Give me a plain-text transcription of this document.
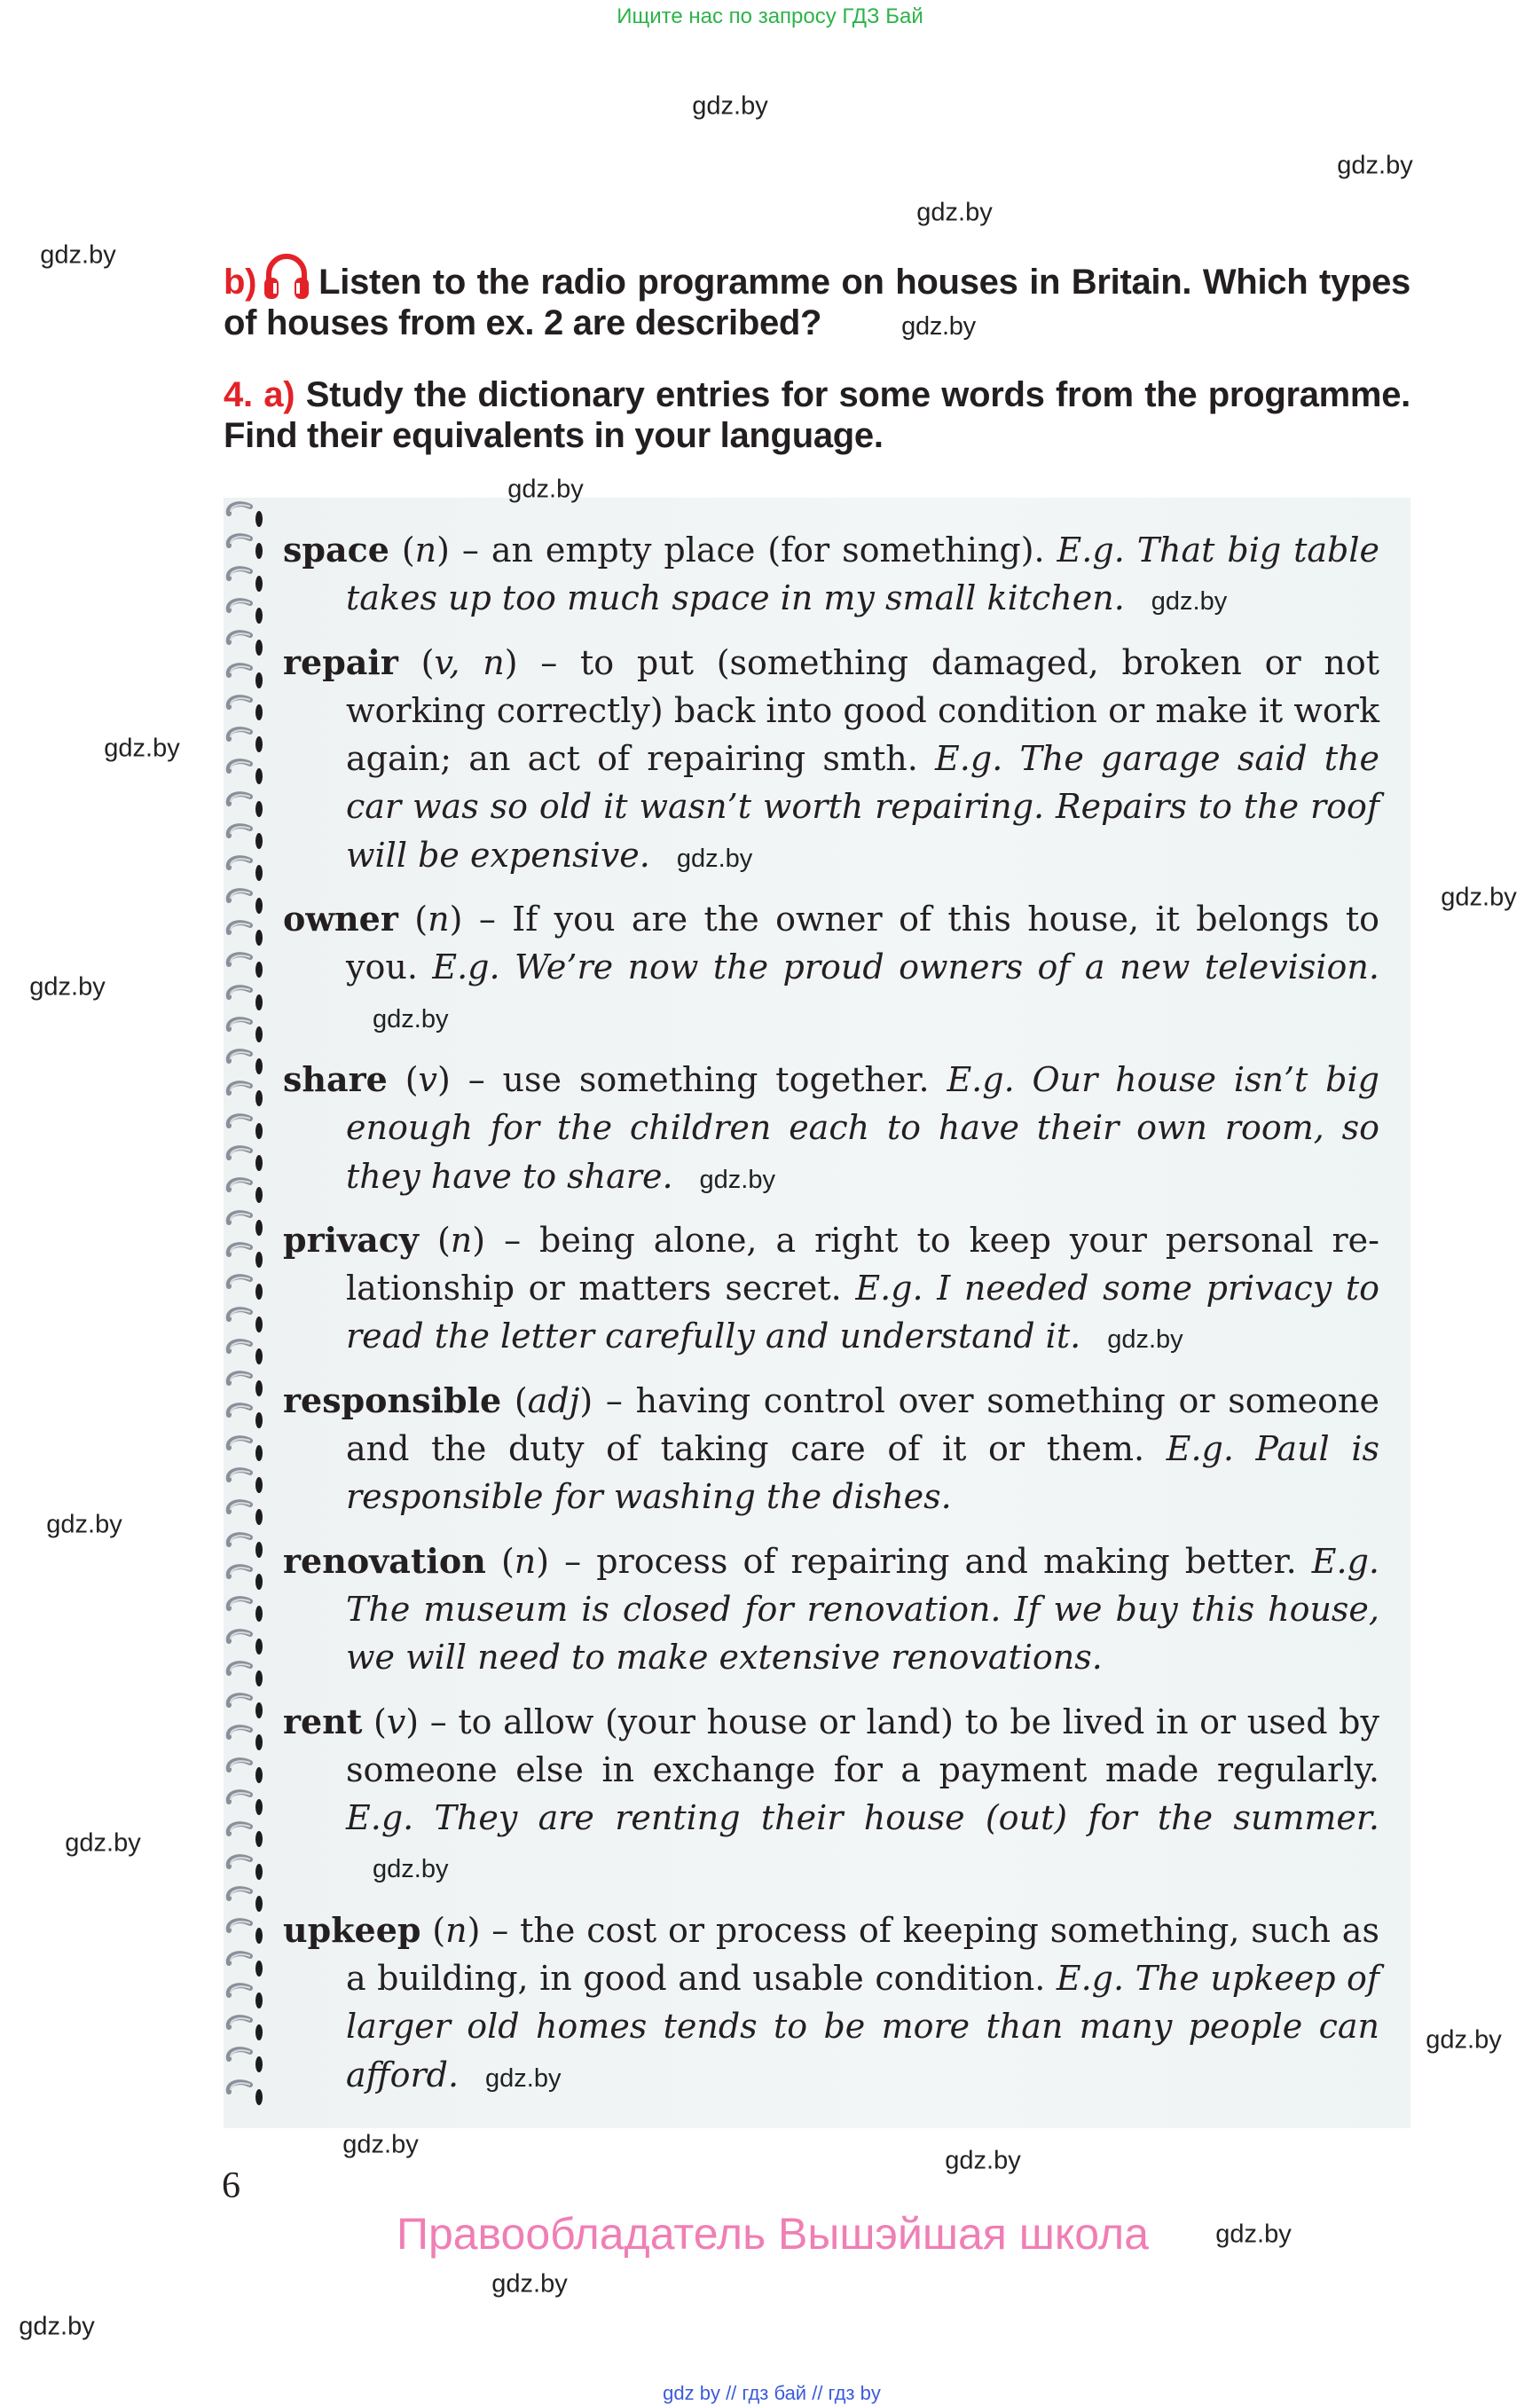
Ищите нас по запросу ГДЗ Бай
b) Listen to the radio programme on houses in Britain. Which types of houses from ex. 2 are described?	gdz.by
4. a) Study the dictionary entries for some words from the programme. Find their equivalents in your language.
space ( n ) – an empty place (for something). E.g. That big table takes up too much space in my small kitchen. gdz.by
repair ( v, n ) – to put (something damaged, broken or not working correctly) back into good condition or make it work again; an act of repairing smth. E.g. The garage said the car was so old it wasn’t worth repairing. Repairs to the roof will be expensive. gdz.by
owner ( n ) – If you are the owner of this house, it belongs to you. E.g. We’re now the proud owners of a new television.gdz.by
share ( v ) – use something together. E.g. Our house isn’t big enough for the children each to have their own room, so they have to share. gdz.by
privacy ( n ) – being alone, a right to keep your personal relationship or matters secret. E.g. I needed some privacy to read the letter carefully and understand it. gdz.by
responsible ( adj ) – having control over something or someone and the duty of taking care of it or them. E.g. Paul is responsible for washing the dishes.
renovation ( n ) – process of repairing and making better. E.g. The museum is closed for renovation. If we buy this house, we will need to make extensive renovations.
rent ( v ) – to allow (your house or land) to be lived in or used by someone else in exchange for a payment made regularly. E.g. They are renting their house (out) for the summer.gdz.by
upkeep ( n ) – the cost or process of keeping something, such as a building, in good and usable condition. E.g. The upkeep of larger old homes tends to be more than many people can afford. gdz.by
6
Правообладатель Вышэйшая школа
gdz by // гдз бай // гдз by
gdz.by
gdz.by
gdz.by
gdz.by
gdz.by
gdz.by
gdz.by
gdz.by
gdz.by
gdz.by
gdz.by
gdz.by
gdz.by
gdz.by
gdz.by
gdz.by
